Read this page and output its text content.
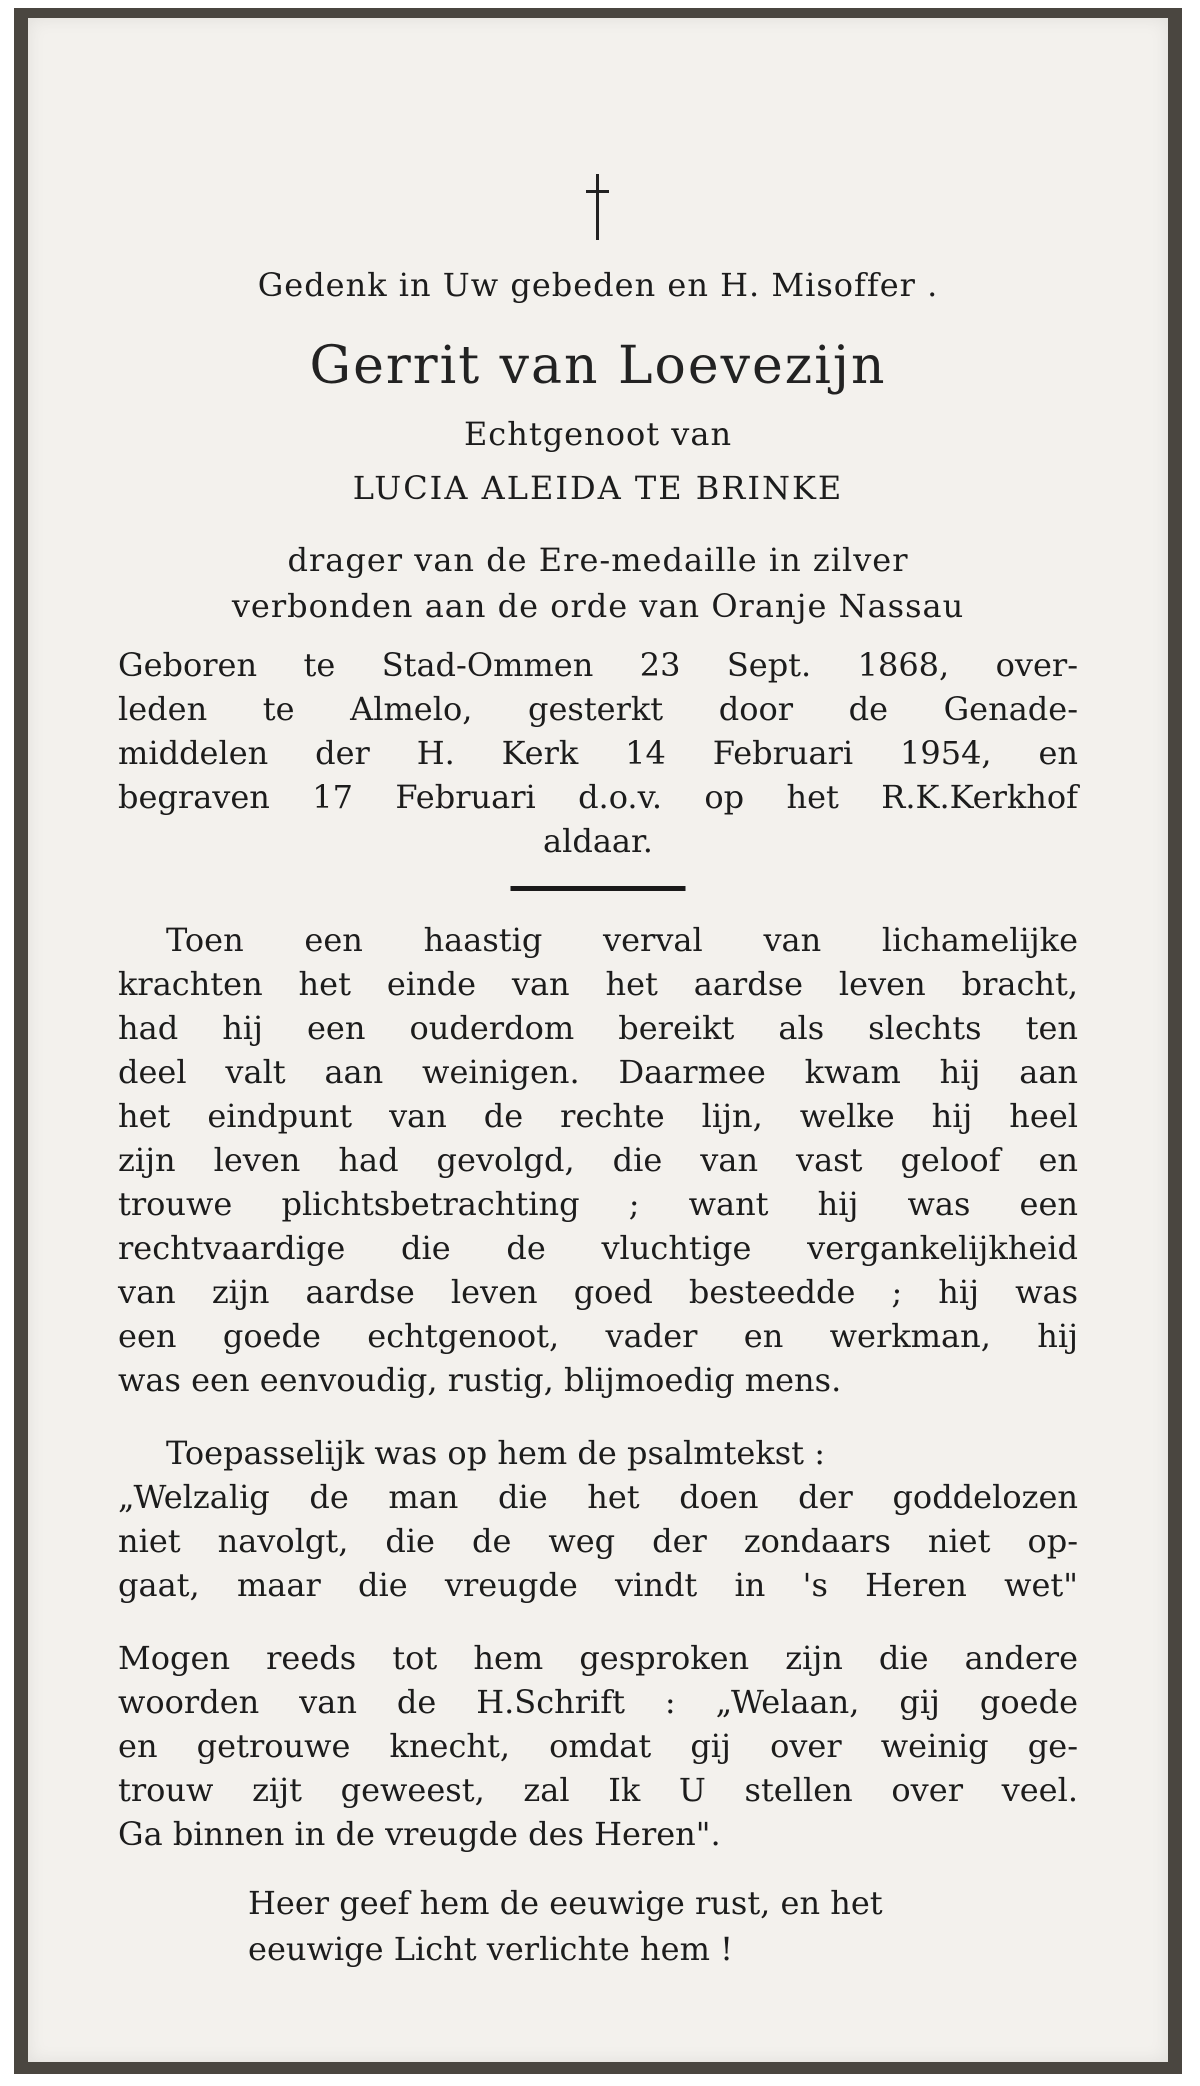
Gedenk in Uw gebeden en H. Misoffer .
Gerrit van Loevezijn
Echtgenoot van
LUCIA ALEIDA TE BRINKE
drager van de Ere-medaille in zilver
verbonden aan de orde van Oranje Nassau
Geboren te Stad-Ommen 23 Sept. 1868, over-
leden te Almelo, gesterkt door de Genade-
middelen der H. Kerk 14 Februari 1954, en
begraven 17 Februari d.o.v. op het R.K.Kerkhof
aldaar.
Toen een haastig verval van lichamelijke
krachten het einde van het aardse leven bracht,
had hij een ouderdom bereikt als slechts ten
deel valt aan weinigen. Daarmee kwam hij aan
het eindpunt van de rechte lijn, welke hij heel
zijn leven had gevolgd, die van vast geloof en
trouwe plichtsbetrachting ; want hij was een
rechtvaardige die de vluchtige vergankelijkheid
van zijn aardse leven goed besteedde ; hij was
een goede echtgenoot, vader en werkman, hij
was een eenvoudig, rustig, blijmoedig mens.
Toepasselijk was op hem de psalmtekst :
„Welzalig de man die het doen der goddelozen
niet navolgt, die de weg der zondaars niet op-
gaat, maar die vreugde vindt in 's Heren wet"
Mogen reeds tot hem gesproken zijn die andere
woorden van de H.Schrift : „Welaan, gij goede
en getrouwe knecht, omdat gij over weinig ge-
trouw zijt geweest, zal Ik U stellen over veel.
Ga binnen in de vreugde des Heren".
Heer geef hem de eeuwige rust, en het
eeuwige Licht verlichte hem !
